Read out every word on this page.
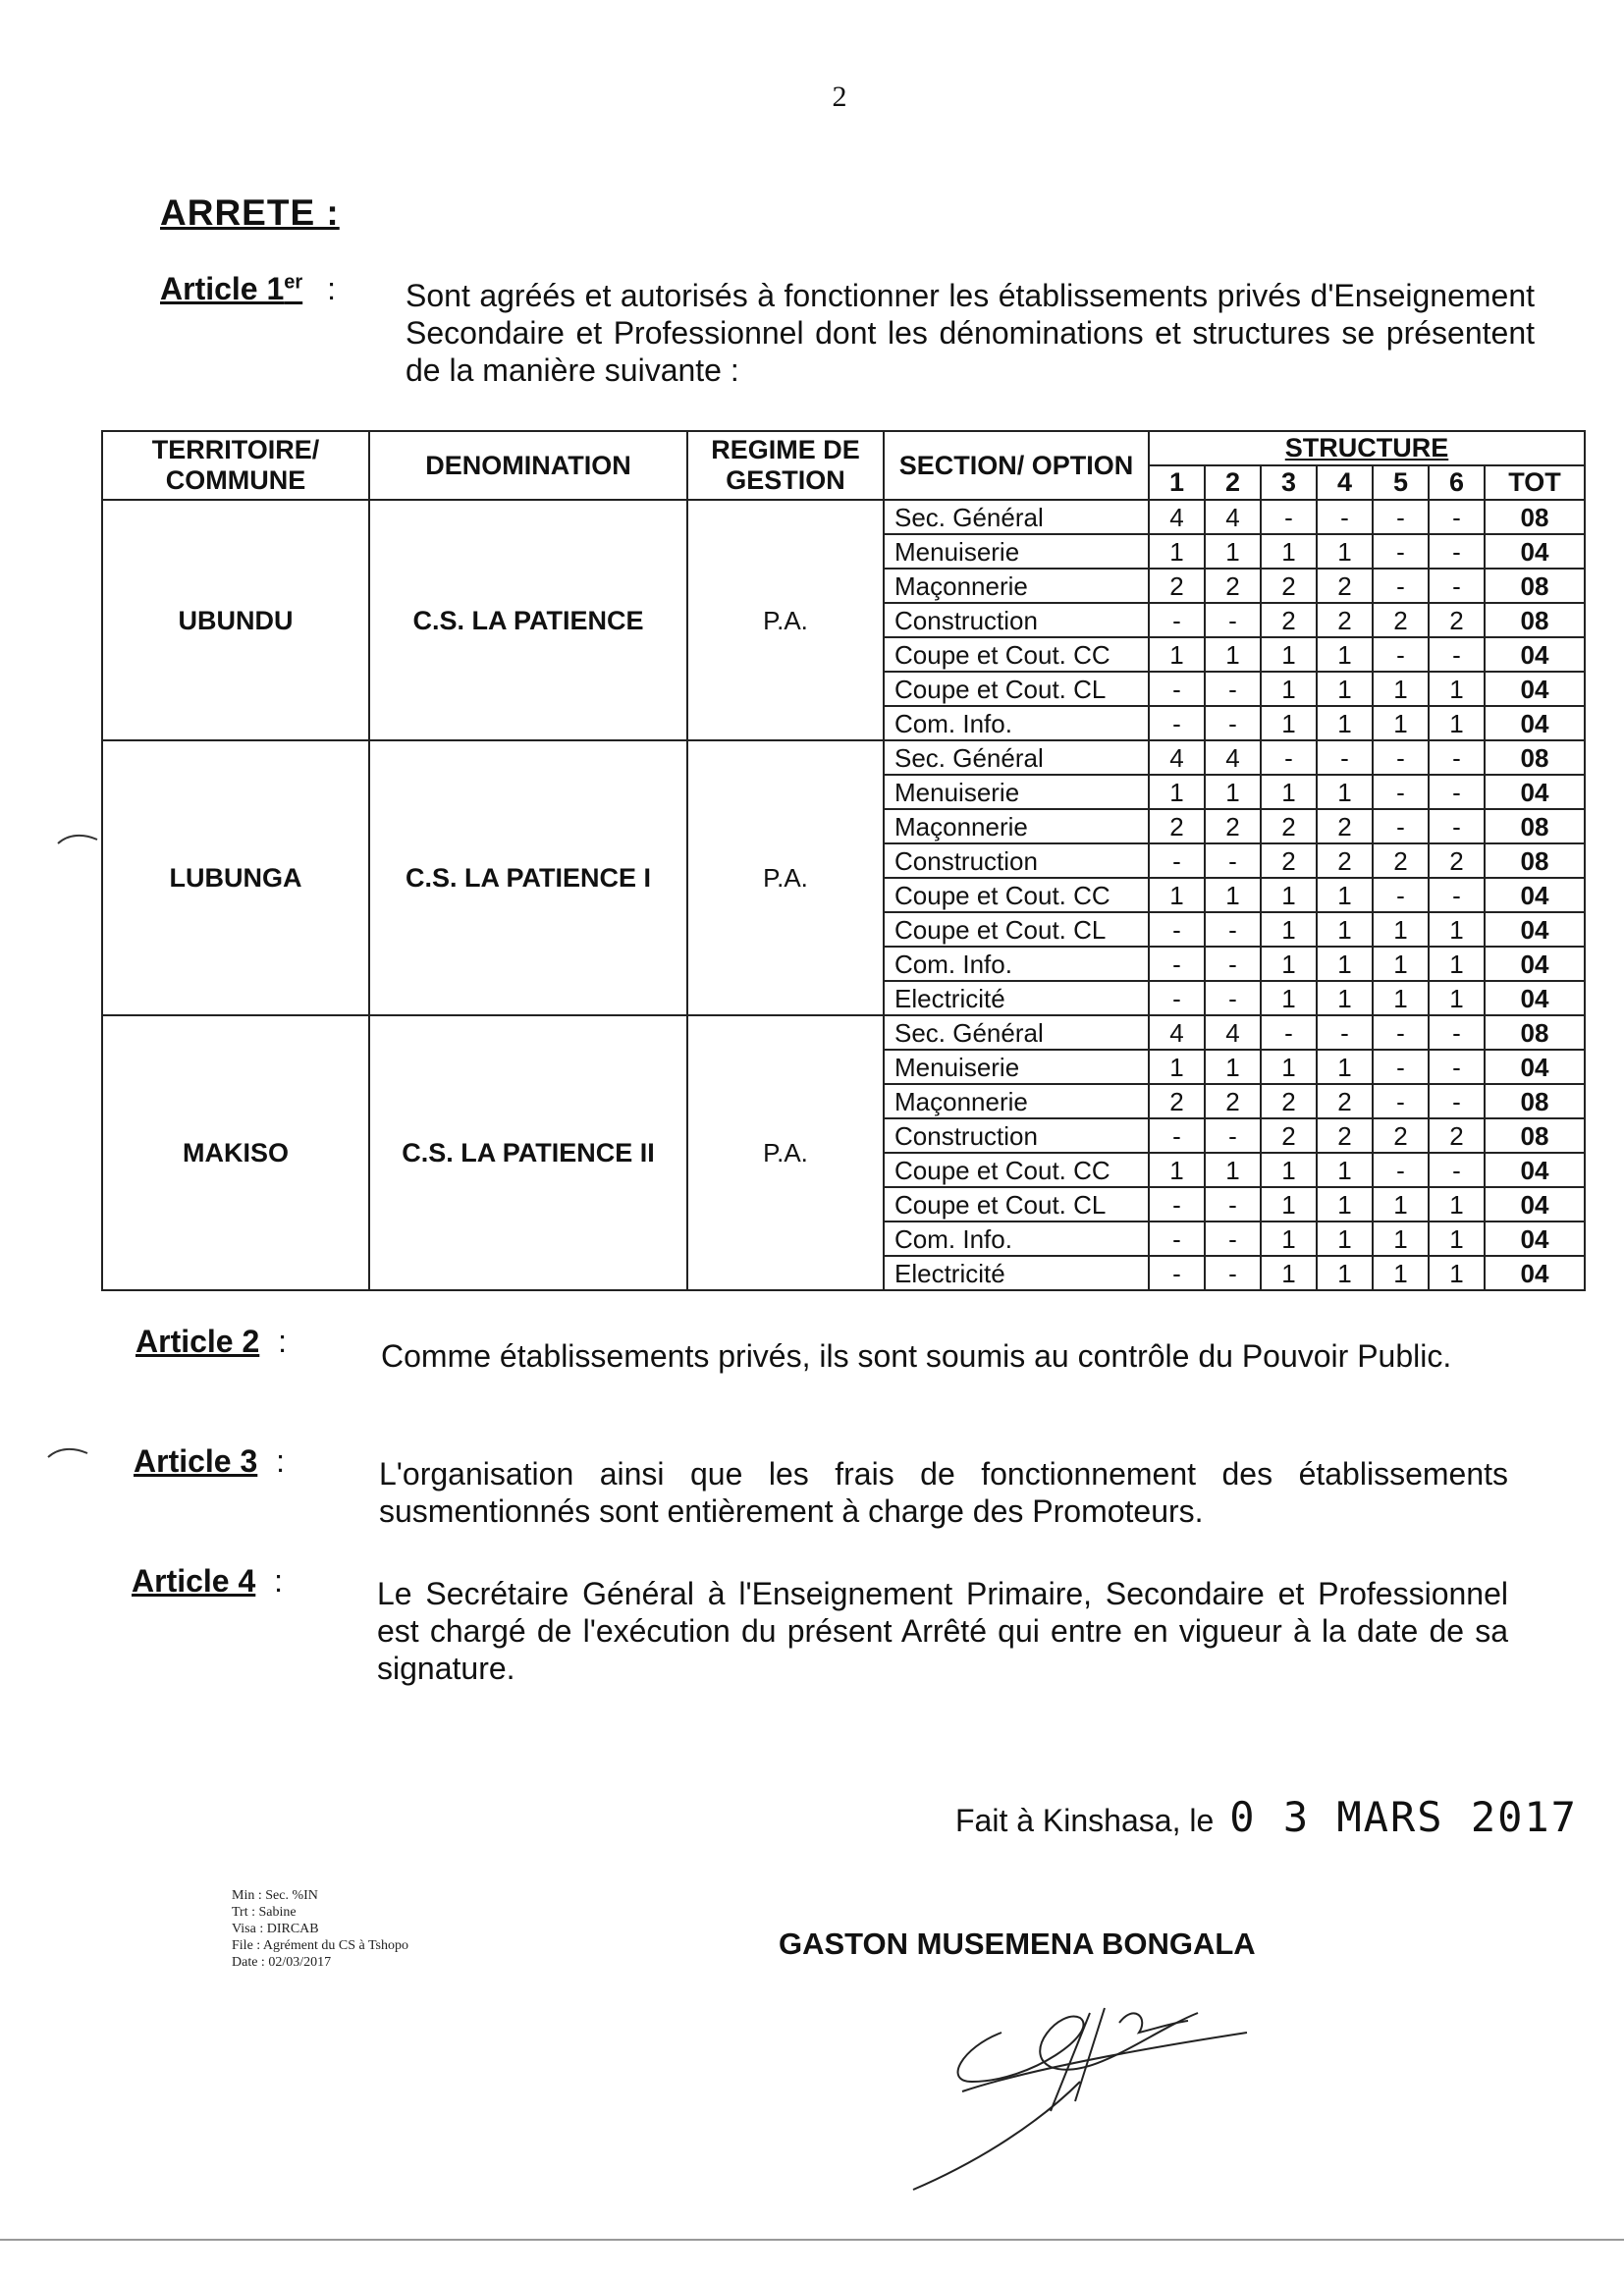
2
ARRETE :
Article 1er : Sont agréés et autorisés à fonctionner les établissements privés d'Enseignement Secondaire et Professionnel dont les dénominations et structures se présentent de la manière suivante :
TERRITOIRE/ COMMUNE	DENOMINATION	REGIME DE GESTION	SECTION/ OPTION	STRUCTURE						
				1	2	3	4	5	6	TOT
UBUNDU	C.S. LA PATIENCE	P.A.	Sec. Général	4	4	-	-	-	-	08
			Menuiserie	1	1	1	1	-	-	04
			Maçonnerie	2	2	2	2	-	-	08
			Construction	-	-	2	2	2	2	08
			Coupe et Cout. CC	1	1	1	1	-	-	04
			Coupe et Cout. CL	-	-	1	1	1	1	04
			Com. Info.	-	-	1	1	1	1	04
LUBUNGA	C.S. LA PATIENCE I	P.A.	Sec. Général	4	4	-	-	-	-	08
			Menuiserie	1	1	1	1	-	-	04
			Maçonnerie	2	2	2	2	-	-	08
			Construction	-	-	2	2	2	2	08
			Coupe et Cout. CC	1	1	1	1	-	-	04
			Coupe et Cout. CL	-	-	1	1	1	1	04
			Com. Info.	-	-	1	1	1	1	04
			Electricité	-	-	1	1	1	1	04
MAKISO	C.S. LA PATIENCE II	P.A.	Sec. Général	4	4	-	-	-	-	08
			Menuiserie	1	1	1	1	-	-	04
			Maçonnerie	2	2	2	2	-	-	08
			Construction	-	-	2	2	2	2	08
			Coupe et Cout. CC	1	1	1	1	-	-	04
			Coupe et Cout. CL	-	-	1	1	1	1	04
			Com. Info.	-	-	1	1	1	1	04
			Electricité	-	-	1	1	1	1	04
Article 2 :	Comme établissements privés, ils sont soumis au contrôle du Pouvoir Public.
Article 3 :	L'organisation ainsi que les frais de fonctionnement des établissements susmentionnés sont entièrement à charge des Promoteurs.
Article 4 :	Le Secrétaire Général à l'Enseignement Primaire, Secondaire et Professionnel est chargé de l'exécution du présent Arrêté qui entre en vigueur à la date de sa signature.
Fait à Kinshasa, le 0 3 MARS 2017
GASTON MUSEMENA BONGALA
Min : Sec. %IN
Trt : Sabine
Visa : DIRCAB
File : Agrément du CS à Tshopo
Date : 02/03/2017
